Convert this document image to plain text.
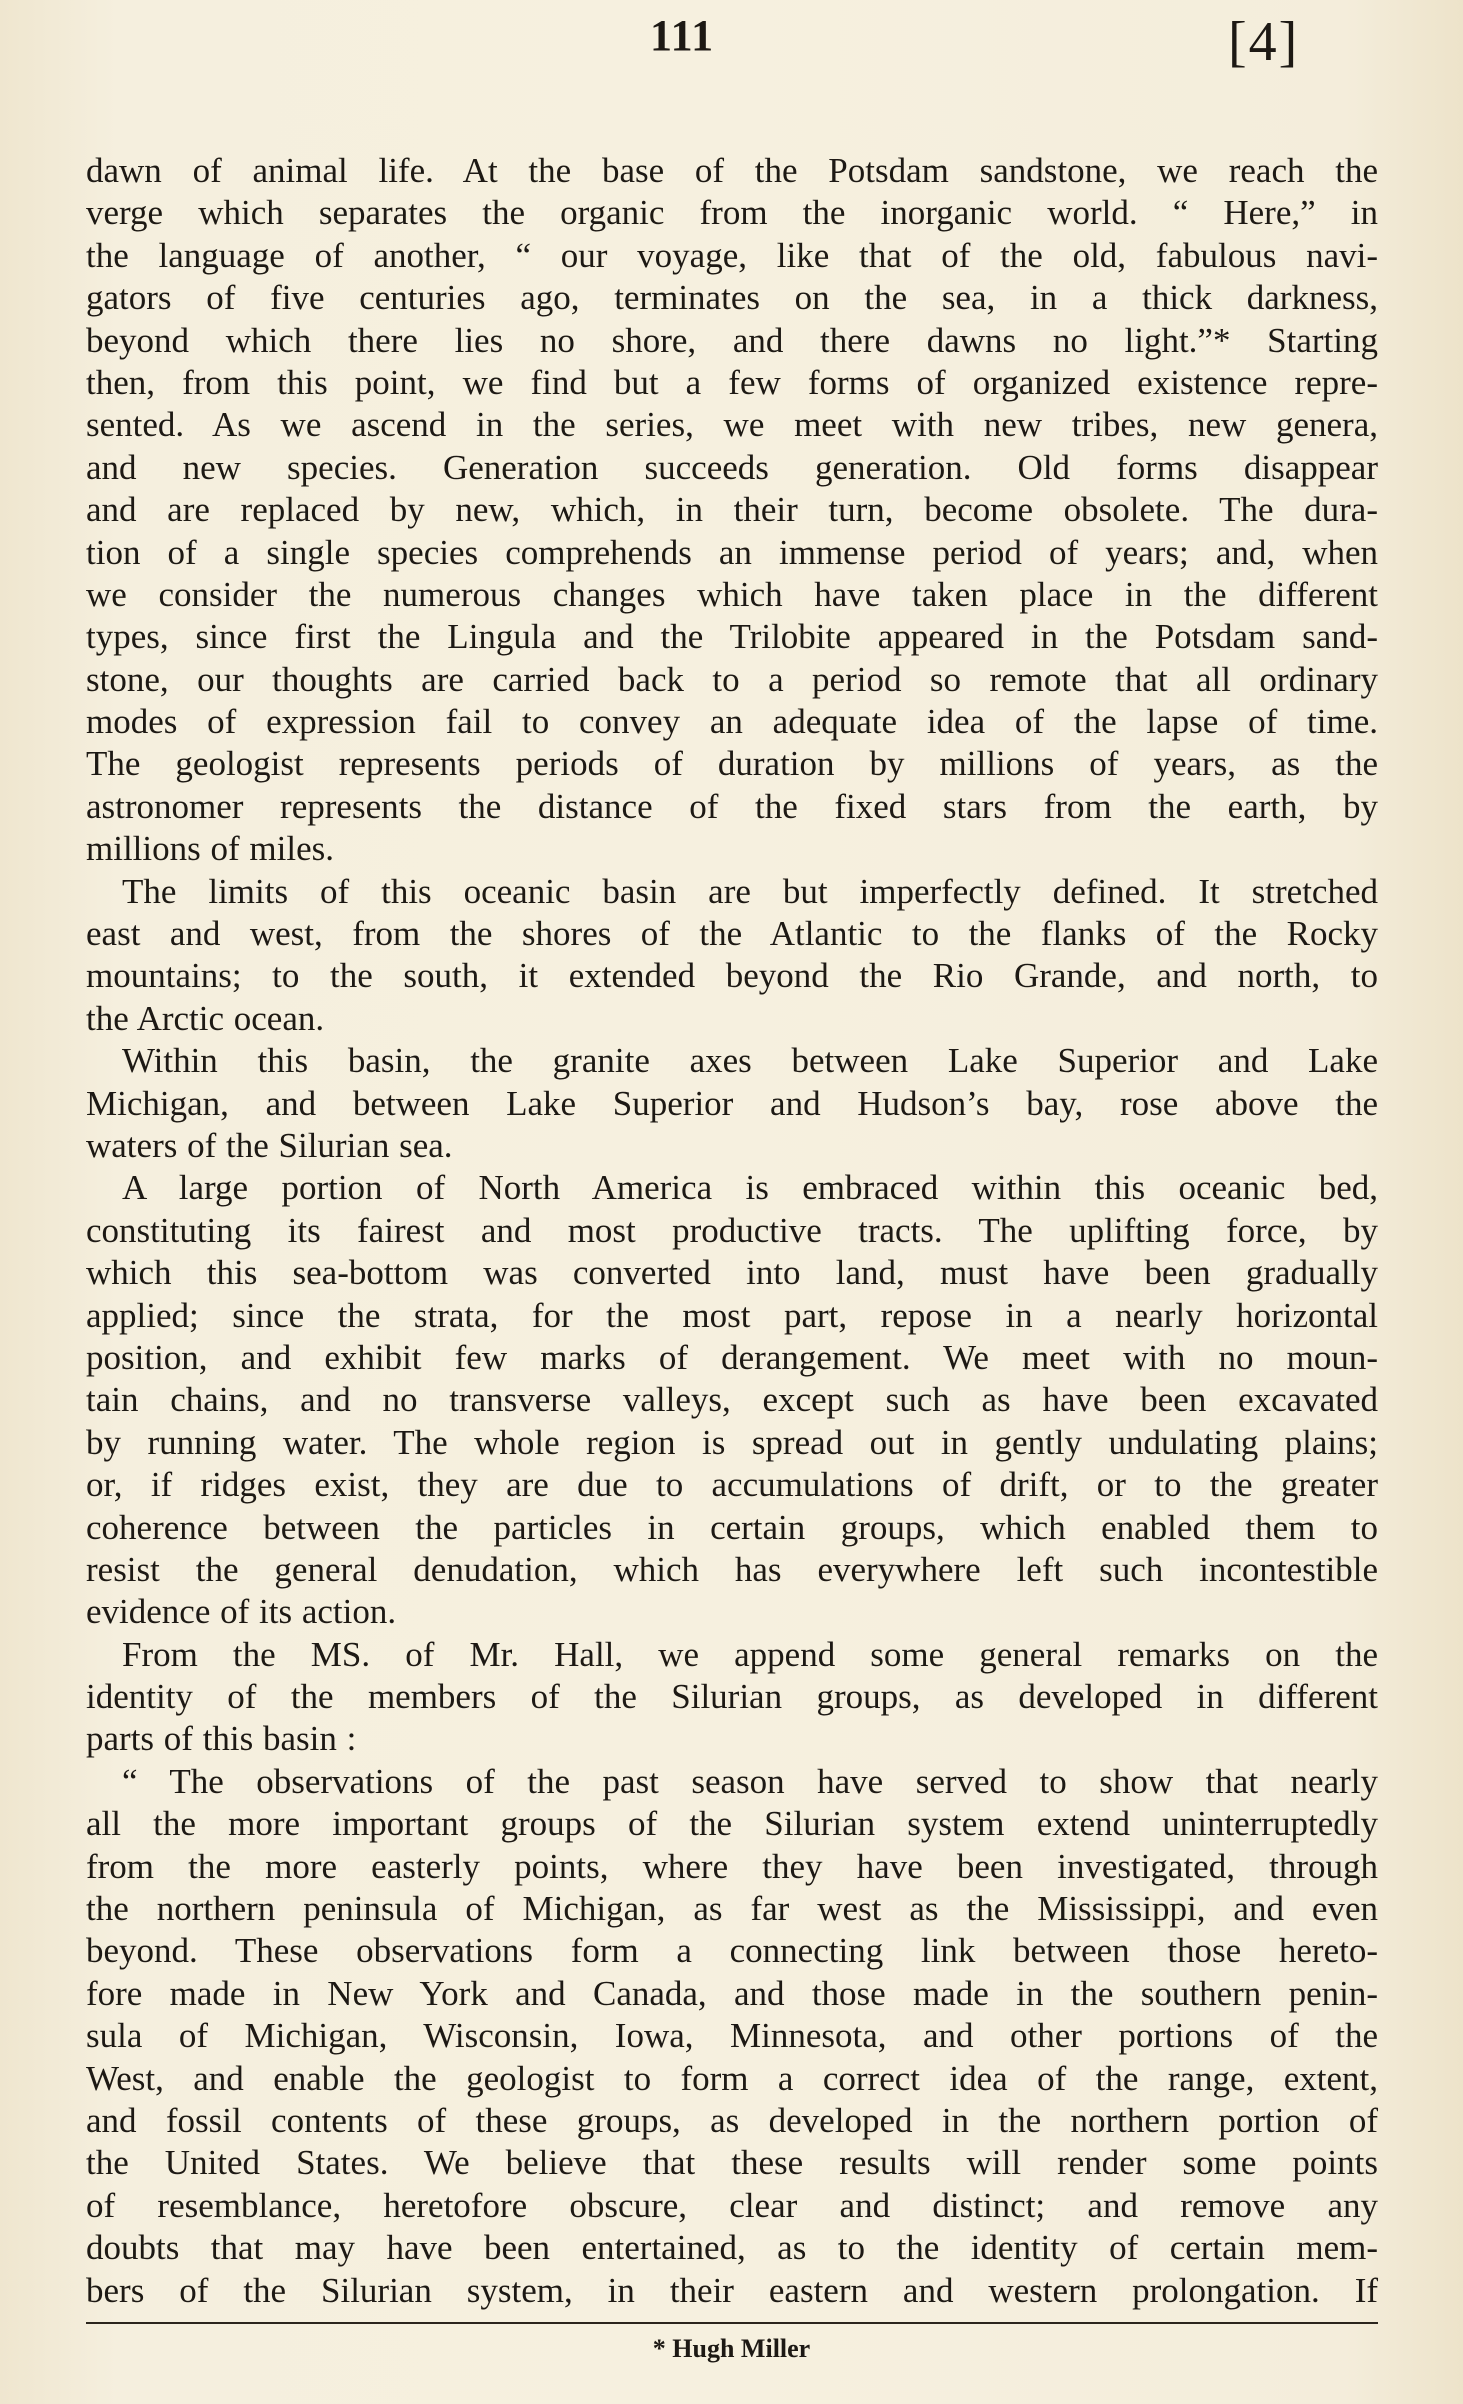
111	[4]
dawn of animal life. At the base of the Potsdam sandstone, we reach the
verge which separates the organic from the inorganic world. “ Here,” in
the language of another, “ our voyage, like that of the old, fabulous navi-
gators of five centuries ago, terminates on the sea, in a thick darkness,
beyond which there lies no shore, and there dawns no light.”* Starting
then, from this point, we find but a few forms of organized existence repre-
sented. As we ascend in the series, we meet with new tribes, new genera,
and new species. Generation succeeds generation. Old forms disappear
and are replaced by new, which, in their turn, become obsolete. The dura-
tion of a single species comprehends an immense period of years; and, when
we consider the numerous changes which have taken place in the different
types, since first the Lingula and the Trilobite appeared in the Potsdam sand-
stone, our thoughts are carried back to a period so remote that all ordinary
modes of expression fail to convey an adequate idea of the lapse of time.
The geologist represents periods of duration by millions of years, as the
astronomer represents the distance of the fixed stars from the earth, by
millions of miles.
The limits of this oceanic basin are but imperfectly defined. It stretched
east and west, from the shores of the Atlantic to the flanks of the Rocky
mountains; to the south, it extended beyond the Rio Grande, and north, to
the Arctic ocean.
Within this basin, the granite axes between Lake Superior and Lake
Michigan, and between Lake Superior and Hudson’s bay, rose above the
waters of the Silurian sea.
A large portion of North America is embraced within this oceanic bed,
constituting its fairest and most productive tracts. The uplifting force, by
which this sea-bottom was converted into land, must have been gradually
applied; since the strata, for the most part, repose in a nearly horizontal
position, and exhibit few marks of derangement. We meet with no moun-
tain chains, and no transverse valleys, except such as have been excavated
by running water. The whole region is spread out in gently undulating plains;
or, if ridges exist, they are due to accumulations of drift, or to the greater
coherence between the particles in certain groups, which enabled them to
resist the general denudation, which has everywhere left such incontestible
evidence of its action.
From the MS. of Mr. Hall, we append some general remarks on the
identity of the members of the Silurian groups, as developed in different
parts of this basin :
“ The observations of the past season have served to show that nearly
all the more important groups of the Silurian system extend uninterruptedly
from the more easterly points, where they have been investigated, through
the northern peninsula of Michigan, as far west as the Mississippi, and even
beyond. These observations form a connecting link between those hereto-
fore made in New York and Canada, and those made in the southern penin-
sula of Michigan, Wisconsin, Iowa, Minnesota, and other portions of the
West, and enable the geologist to form a correct idea of the range, extent,
and fossil contents of these groups, as developed in the northern portion of
the United States. We believe that these results will render some points
of resemblance, heretofore obscure, clear and distinct; and remove any
doubts that may have been entertained, as to the identity of certain mem-
bers of the Silurian system, in their eastern and western prolongation. If
* Hugh Miller
